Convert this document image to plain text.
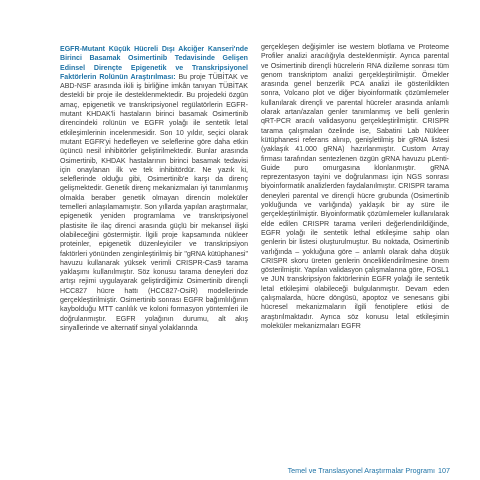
EGFR-Mutant Küçük Hücreli Dışı Akciğer Kanseri'nde Birinci Basamak Osimertinib Tedavisinde Gelişen Edinsel Dirençte Epigenetik ve Transkripsiyonel Faktörlerin Rolünün Araştırılması: Bu proje TÜBİTAK ve ABD-NSF arasında ikili iş birliğine imkân tanıyan TÜBİTAK destekli bir proje ile desteklenmektedir. Bu projedeki özgün amaç, epigenetik ve transkripsiyonel regülatörlerin EGFR-mutant KHDAK'li hastaların birinci basamak Osimertinib direncindeki rolünün ve EGFR yolağı ile sentetik letal etkileşimlerinin incelenmesidir. Son 10 yıldır, seçici olarak mutant EGFR'yi hedefleyen ve seleflerine göre daha etkin üçüncü nesil inhibitörler geliştirilmektedir. Bunlar arasında Osimertinib, KHDAK hastalarının birinci basamak tedavisi için onaylanan ilk ve tek inhibitördür. Ne yazık ki, seleflerinde olduğu gibi, Osimertinib'e karşı da direnç gelişmektedir. Genetik direnç mekanizmaları iyi tanımlanmış olmakla beraber genetik olmayan direncin moleküler temelleri anlaşılamamıştır. Son yıllarda yapılan araştırmalar, epigenetik yeniden programlama ve transkripsiyonel plastisite ile ilaç direnci arasında güçlü bir mekansel ilişki olabileceğini göstermiştir. İlgili proje kapsamında nükleer proteinler, epigenetik düzenleyiciler ve transkripsiyon faktörleri yönünden zenginleştirilmiş bir "gRNA kütüphanesi" havuzu kullanarak yüksek verimli CRISPR-Cas9 tarama yaklaşımı kullanılmıştır. Söz konusu tarama deneyleri doz artışı rejimi uygulayarak geliştirdiğimiz Osimertinib dirençli HCC827 hücre hattı (HCC827-OsiR) modellerinde gerçekleştirilmiştir. Osimertinib sonrası EGFR bağımlılığının kaybolduğu MTT canlılık ve koloni formasyon yöntemleri ile doğrulanmıştır. EGFR yolağının durumu, alt akış sinyallerinde ve alternatif sinyal yolaklarında

gerçekleşen değişimler ise western blotlama ve Proteome Profiler analizi aracılığıyla desteklenmiştir. Ayrıca parental ve Osimertinib dirençli hücrelerin RNA dizileme sonrası tüm genom transkriptom analizi gerçekleştirilmiştir. Örnekler arasında genel benzerlik PCA analizi ile gösterildikten sonra, Volcano plot ve diğer biyoinformatik çözümlemeler kullanılarak dirençli ve parental hücreler arasında anlamlı olarak artan/azalan genler tanımlanmış ve belli genlerin qRT-PCR aracılı validasyonu gerçekleştirilmiştir. CRISPR tarama çalışmaları özelinde ise, Sabatini Lab Nükleer kütüphanesi referans alınıp, genişletilmiş bir gRNA listesi (yaklaşık 41.000 gRNA) hazırlanmıştır. Custom Array firması tarafından sentezlenen özgün gRNA havuzu pLenti-Guide puro omurgasına klonlanmıştır. gRNA reprezentasyon tayini ve doğrulanması için NGS sonrası biyoinformatik analizlerden faydalanılmıştır. CRISPR tarama deneyleri parental ve dirençli hücre grubunda (Osimertinib yokluğunda ve varlığında) yaklaşık bir ay süre ile gerçekleştirilmiştir. Biyoinformatik çözümlemeler kullanılarak elde edilen CRISPR tarama verileri değerlendirildiğinde, EGFR yolağı ile sentetik lethal etkileşime sahip olan genlerin bir listesi oluşturulmuştur. Bu noktada, Osimertinib varlığında – yokluğuna göre – anlamlı olarak daha düşük CRISPR skoru üreten genlerin önceliklendirilmesine önem gösterilmiştir. Yapılan validasyon çalışmalarına göre, FOSL1 ve JUN transkripsiyon faktörlerinin EGFR yolağı ile sentetik letal etkileşimi olabileceği bulgulanmıştır. Devam eden çalışmalarda, hücre döngüsü, apoptoz ve senesans gibi hücresel mekanizmaların ilgili fenotiplere etkisi de araştırılmaktadır. Ayrıca söz konusu letal etkileşimin moleküler mekanizmaları EGFR

Temel ve Translasyonel Araştırmalar Programı 107
